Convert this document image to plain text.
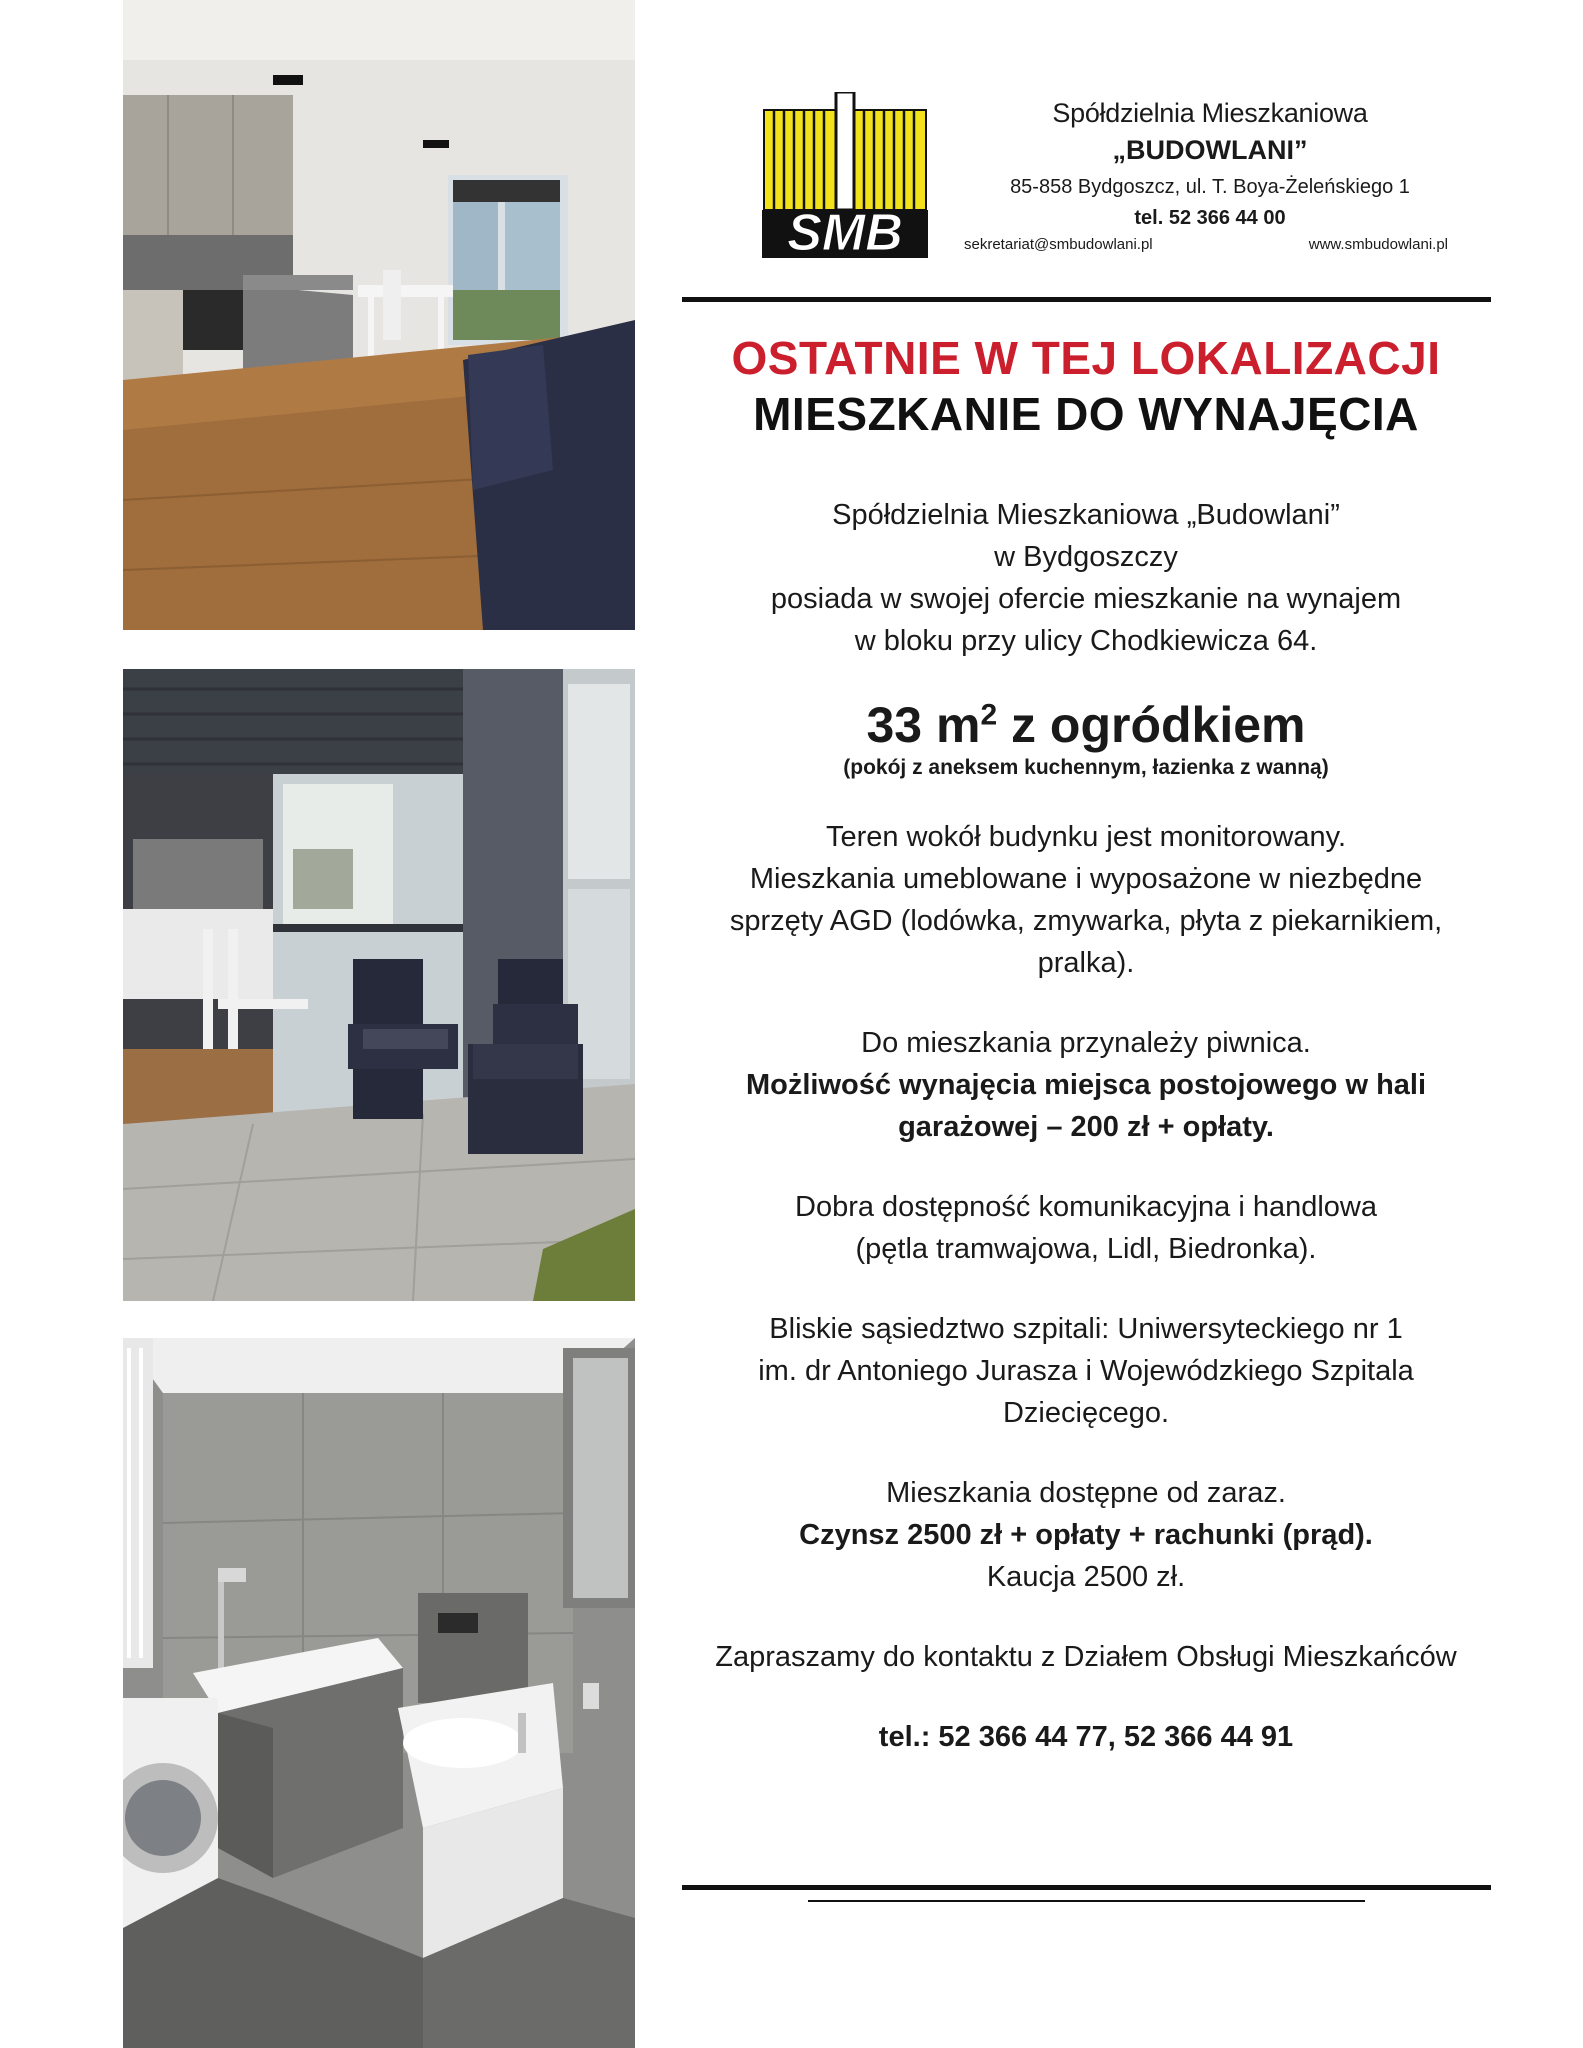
SMB
Spółdzielnia Mieszkaniowa
„BUDOWLANI”
85-858 Bydgoszcz, ul. T. Boya-Żeleńskiego 1
tel. 52 366 44 00
sekretariat@smbudowlani.pl	www.smbudowlani.pl
OSTATNIE W TEJ LOKALIZACJI
MIESZKANIE DO WYNAJĘCIA
Spółdzielnia Mieszkaniowa „Budowlani”
w Bydgoszczy
posiada w swojej ofercie mieszkanie na wynajem
w bloku przy ulicy Chodkiewicza 64.
33 $m^2$ z ogródkiem
(pokój z aneksem kuchennym, łazienka z wanną)
Teren wokół budynku jest monitorowany.
Mieszkania umeblowane i wyposażone w niezbędne
sprzęty AGD (lodówka, zmywarka, płyta z piekarnikiem,
pralka).
Do mieszkania przynależy piwnica.
Możliwość wynajęcia miejsca postojowego w hali
garażowej – 200 zł + opłaty.
Dobra dostępność komunikacyjna i handlowa
(pętla tramwajowa, Lidl, Biedronka).
Bliskie sąsiedztwo szpitali: Uniwersyteckiego nr 1
im. dr Antoniego Jurasza i Wojewódzkiego Szpitala
Dziecięcego.
Mieszkania dostępne od zaraz.
Czynsz 2500 zł + opłaty + rachunki (prąd).
Kaucja 2500 zł.
Zapraszamy do kontaktu z Działem Obsługi Mieszkańców
tel.: 52 366 44 77, 52 366 44 91
